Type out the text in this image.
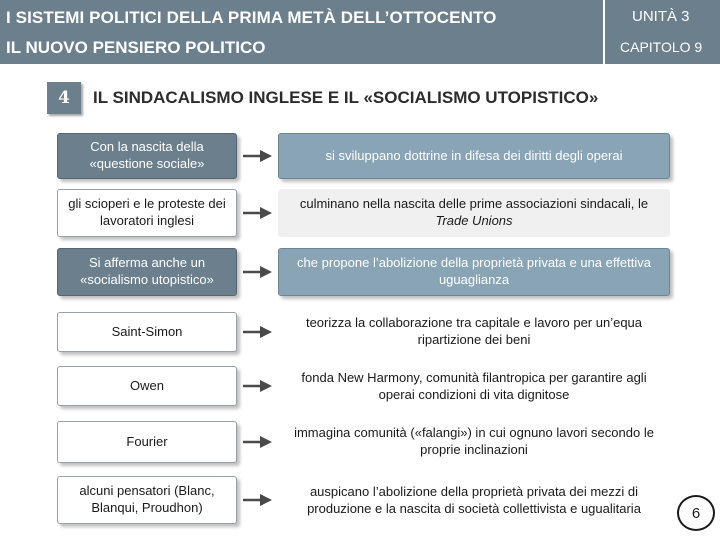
I SISTEMI POLITICI DELLA PRIMA METÀ DELL’OTTOCENTO
IL NUOVO PENSIERO POLITICO
UNITÀ 3
CAPITOLO 9
4	IL SINDACALISMO INGLESE E IL «SOCIALISMO UTOPISTICO»
Con la nascita della «questione sociale»
si sviluppano dottrine in difesa dei diritti degli operai
gli scioperi e le proteste dei lavoratori inglesi
culminano nella nascita delle prime associazioni sindacali, le Trade Unions
Si afferma anche un «socialismo utopistico»
che propone l’abolizione della proprietà privata e una effettiva uguaglianza
Saint-Simon
teorizza la collaborazione tra capitale e lavoro per un’equa ripartizione dei beni
Owen	fonda New Harmony, comunità filantropica per garantire agli operai condizioni di vita dignitose
Fourier
immagina comunità («falangi») in cui ognuno lavori secondo le proprie inclinazioni
alcuni pensatori (Blanc, Blanqui, Proudhon)
auspicano l’abolizione della proprietà privata dei mezzi di produzione e la nascita di società collettivista e ugualitaria	6
